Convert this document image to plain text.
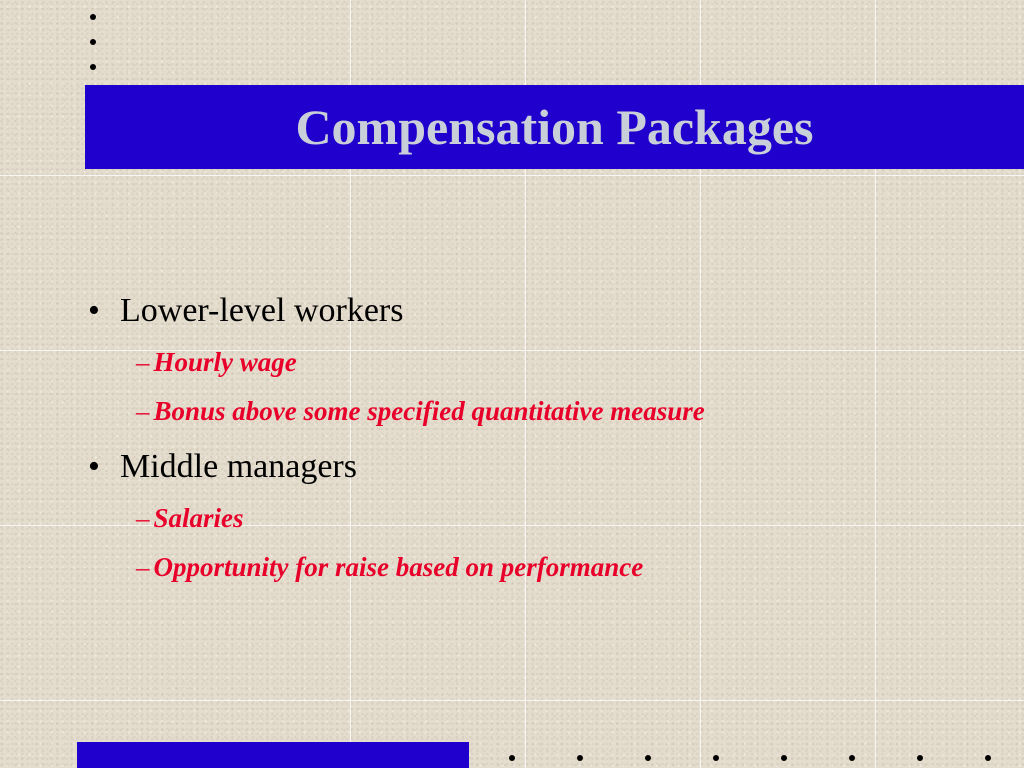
Compensation Packages
• Lower-level workers
– Hourly wage
– Bonus above some specified quantitative measure
• Middle managers
– Salaries
– Opportunity for raise based on performance
